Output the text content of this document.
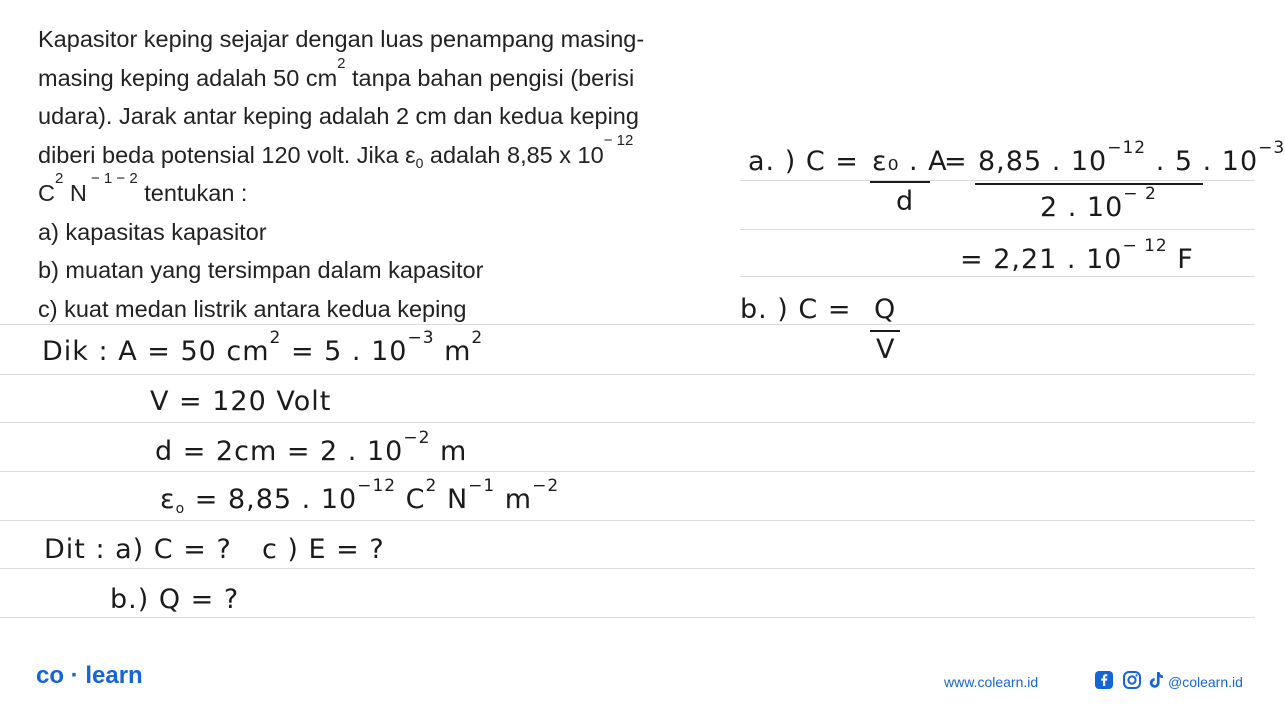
Kapasitor keping sejajar dengan luas penampang masing-

masing keping adalah 50 $cm^2$ tanpa bahan pengisi (berisi

udara). Jarak antar keping adalah 2 cm dan kedua keping

diberi beda potensial 120 volt. Jika $\varepsilon_0$ adalah 8,85 x $10^{- 12}$

$C^2$ N $^{- 1 - 2}$ tentukan :

a) kapasitas kapasitor

b) muatan yang tersimpan dalam kapasitor

c) kuat medan listrik antara kedua keping

Dik : A = 50 $cm^2 = 5$ . $10^{-3}$ $m^2$
V = 120 Volt
d = 2cm = 2 . $10^{-2}$ m
$\varepsilon_o = 8,85$ . $10^{-12}$ $C^2$ $N^{-1}$ $m^{-2}$
Dit : a) C = ? c ) E = ?
b.) Q = ?
a. ) C = ε₀ . A
d
= 8,85 . $10^{-12}$ . 5 . $10^{-3}$
2 . $10^{- 2}$
= 2,21 . $10^{- 12}$ F
b. ) C = Q
V
co · learn	www.colearn.id	@colearn.id
